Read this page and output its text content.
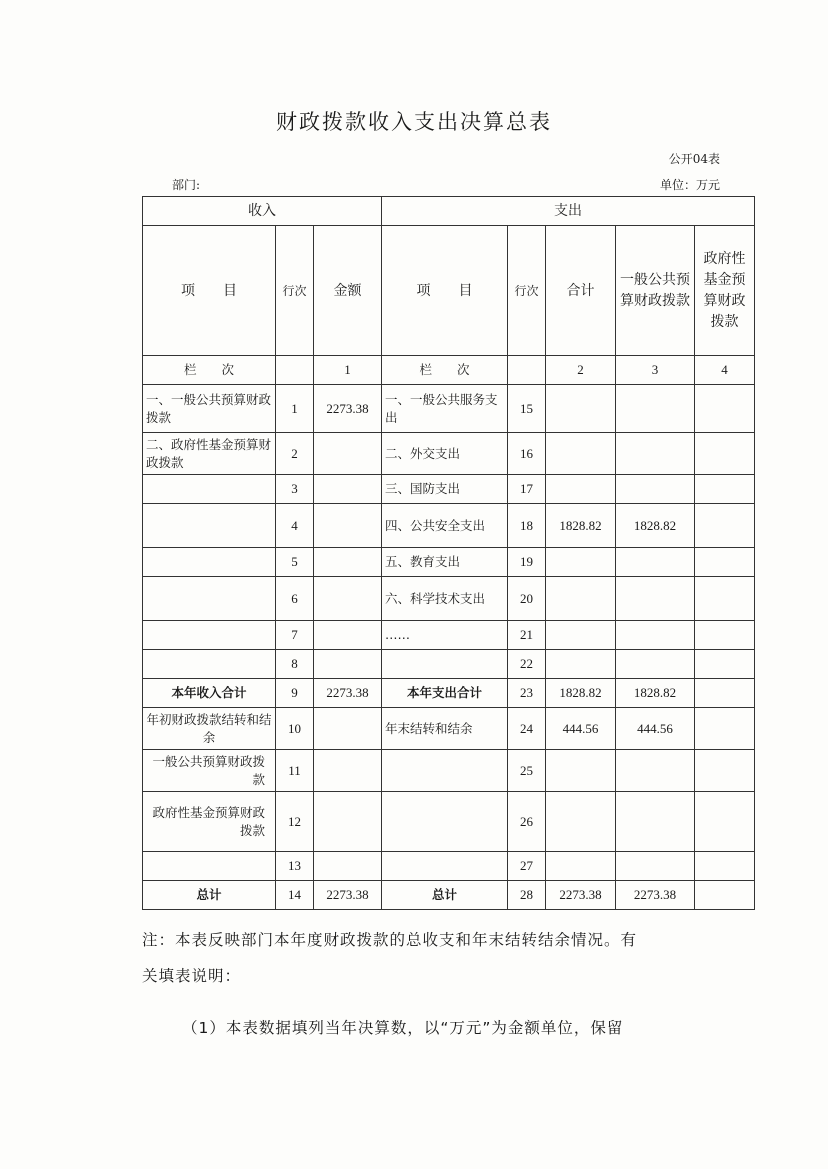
财政拨款收入支出决算总表
公开04表
部门:	单位：万元
收入			支出				
项　　目	行次	金额	项　　目	行次	合计	一般公共预算财政拨款	政府性基金预算财政拨款
栏　　次		1	栏　　次		2	3	4
一、一般公共预算财政拨款	1	2273.38	一、一般公共服务支出	15			
二、政府性基金预算财政拨款	2		二、外交支出	16			
	3		三、国防支出	17			
	4		四、公共安全支出	18	1828.82	1828.82	
	5		五、教育支出	19			
	6		六、科学技术支出	20			
	7		……	21			
	8			22			
本年收入合计	9	2273.38	本年支出合计	23	1828.82	1828.82	
年初财政拨款结转和结余	10		年末结转和结余	24	444.56	444.56	
一般公共预算财政拨款	11			25			
政府性基金预算财政拨款	12			26			
	13			27			
总计	14	2273.38	总计	28	2273.38	2273.38	
注：本表反映部门本年度财政拨款的总收支和年末结转结余情况。有
关填表说明：
（1）本表数据填列当年决算数，以“万元”为金额单位，保留
